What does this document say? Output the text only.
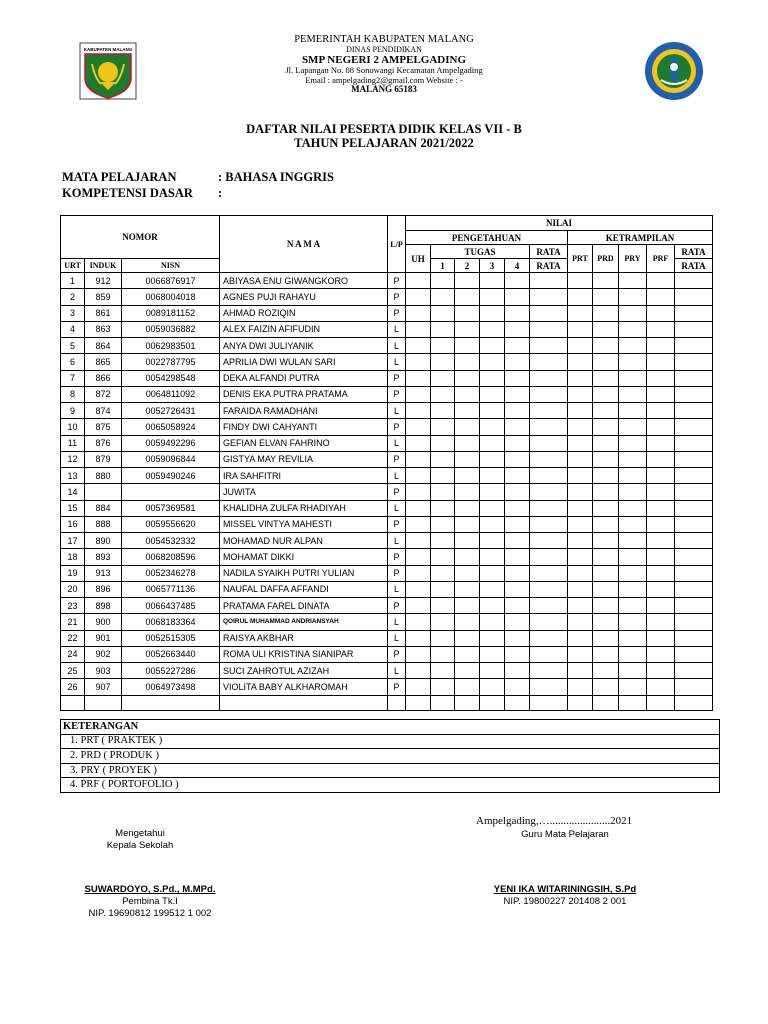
KABUPATEN MALANG
PEMERINTAH KABUPATEN MALANG
DINAS PENDIDIKAN
SMP NEGERI 2 AMPELGADING
Jl. Lapangan No. 08 Sonowangi Kecamatan Ampelgading
Email : ampelgading2@gmail.com Website : -
MALANG 65183
DAFTAR NILAI PESERTA DIDIK KELAS VII - B
TAHUN PELAJARAN 2021/2022
MATA PELAJARAN	: BAHASA INGGRIS
KOMPETENSI DASAR :
NOMOR			N A M A	L/P	NILAI										
					PENGETAHUAN						KETRAMPILAN				
					UH	TUGAS				RATA	PRT	PRD	PRY	PRF	RATA
URT	INDUK	NISN				1	2	3	4	RATA					RATA
1	912	0066876917	ABIYASA ENU GIWANGKORO	P											
2	859	0068004018	AGNES PUJI RAHAYU	P											
3	861	0089181152	AHMAD ROZIQIN	P											
4	863	0059036882	ALEX FAIZIN AFIFUDIN	L											
5	864	0062983501	ANYA DWI JULIYANIK	L											
6	865	0022787795	APRILIA DWI WULAN SARI	L											
7	866	0054298548	DEKA ALFANDI PUTRA	P											
8	872	0064811092	DENIS EKA PUTRA PRATAMA	P											
9	874	0052726431	FARAIDA RAMADHANI	L											
10	875	0065058924	FINDY DWI CAHYANTI	P											
11	876	0059492296	GEFIAN ELVAN FAHRINO	L											
12	879	0059096844	GISTYA MAY REVILIA	P											
13	880	0059490246	IRA SAHFITRI	L											
14			JUWITA	P											
15	884	0057369581	KHALIDHA ZULFA RHADIYAH	L											
16	888	0059556620	MISSEL VINTYA MAHESTI	P											
17	890	0054532332	MOHAMAD NUR ALPAN	L											
18	893	0068208596	MOHAMAT DIKKI	P											
19	913	0052346278	NADILA SYAIKH PUTRI YULIAN	P											
20	896	0065771136	NAUFAL DAFFA AFFANDI	L											
23	898	0066437485	PRATAMA FAREL DINATA	P											
21	900	0068183364	QOIRUL MUHAMMAD ANDRIANSYAH	L											
22	901	0052515305	RAISYA AKBHAR	L											
24	902	0052663440	ROMA ULI KRISTINA SIANIPAR	P											
25	903	0055227286	SUCI ZAHROTUL AZIZAH	L											
26	907	0064973498	VIOLITA BABY ALKHAROMAH	P											

KETERANGAN
1. PRT ( PRAKTEK )
2. PRD ( PRODUK )
3. PRY ( PROYEK )
4. PRF ( PORTOFOLIO )
Ampelgading,…......................2021
Mengetahui
Kepala Sekolah
Guru Mata Pelajaran
SUWARDOYO, S.Pd., M.MPd.
Pembina Tk.I
NIP. 19690812 199512 1 002
YENI IKA WITARININGSIH, S.Pd
NIP. 19800227 201408 2 001
